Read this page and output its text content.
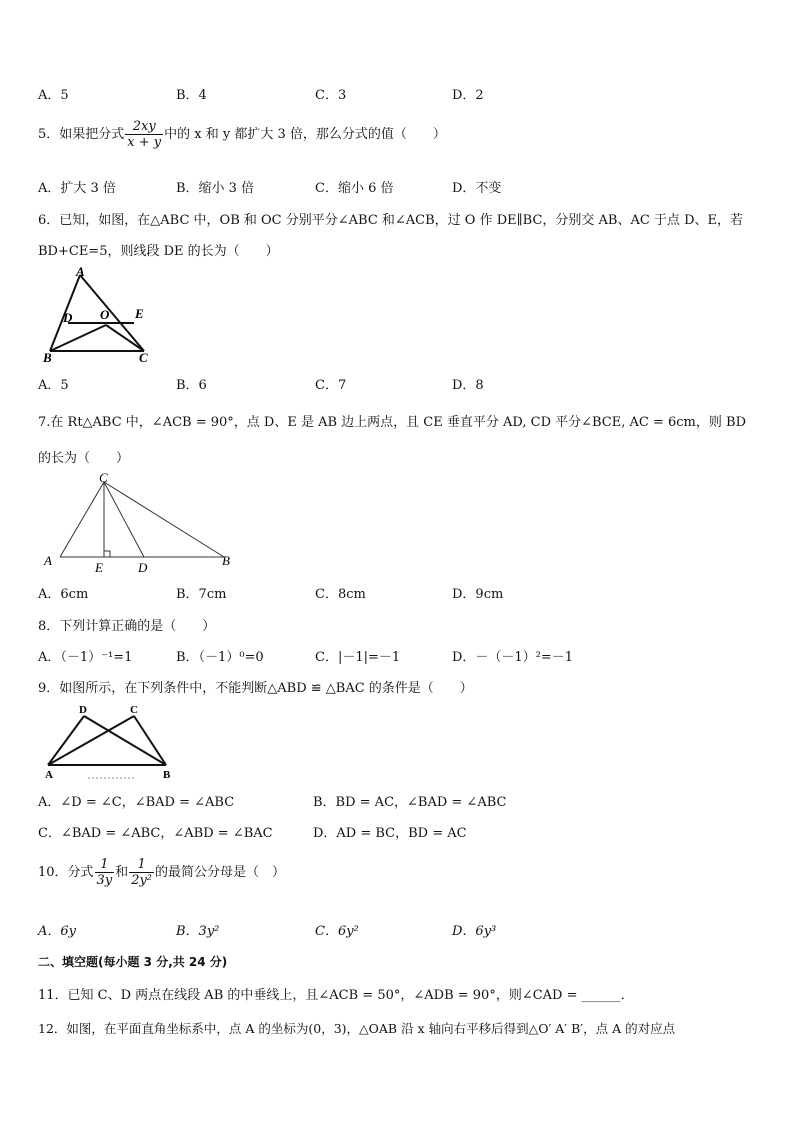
A．5	B．4	C．3	D．2
5．如果把分式 $\frac{2xy}{x + y}$ 中的 x 和 y 都扩大 3 倍，那么分式的值（　　）
A．扩大 3 倍	B．缩小 3 倍	C．缩小 6 倍	D．不变
6．已知，如图，在△ABC 中，OB 和 OC 分别平分∠ABC 和∠ACB，过 O 作 DE∥BC，分别交 AB、AC 于点 D、E，若
BD+CE=5，则线段 DE 的长为（　　）
A
D O E
B	C
A．5	B．6	C．7	D．8
7.在 Rt△ABC 中，∠ACB = 90°，点 D、E 是 AB 边上两点，且 CE 垂直平分 AD, CD 平分∠BCE, AC = 6cm，则 BD
的长为（　　）
C
A	E	D	B
A．6cm	B．7cm	C．8cm	D．9cm
8．下列计算正确的是（　　）
A．（－1）⁻¹=1	B．（－1）⁰=0	C．|－1|=－1	D．－（－1）²=－1
9．如图所示，在下列条件中，不能判断△ABD ≌ △BAC 的条件是（　　）
D	C
A	B
A．∠D = ∠C，∠BAD = ∠ABC	B．BD = AC，∠BAD = ∠ABC
C．∠BAD = ∠ABC，∠ABD = ∠BAC	D．AD = BC，BD = AC
10．分式 $\frac{1}{3y}$ 和 $\frac{1}{\text{2y²}}$ 的最简公分母是（　）
A．6y	B．3y²	C．6y²	D．6y³
二、填空题(每小题 3 分,共 24 分)
11．已知 C、D 两点在线段 AB 的中垂线上，且∠ACB = 50°，∠ADB = 90°，则∠CAD = ______．
12．如图，在平面直角坐标系中，点 A 的坐标为(0，3)，△OAB 沿 x 轴向右平移后得到△O′ A′ B′，点 A 的对应点
